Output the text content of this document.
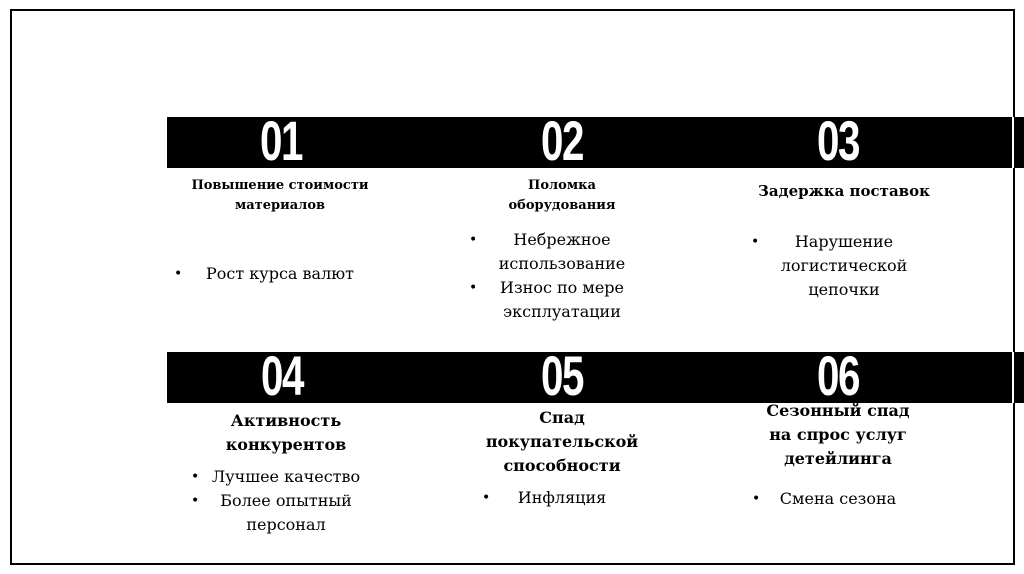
01	02	03
04	05	06
Повышение стоимости материалов
• Рост курса валют
Поломка оборудования
• Небрежное использование
• Износ по мере эксплуатации
Задержка поставок
• Нарушение логистической цепочки
Активность конкурентов
• Лучшее качество
• Более опытный персонал
Спад покупательской способности
• Инфляция
Сезонный спад на спрос услуг детейлинга
• Смена сезона
